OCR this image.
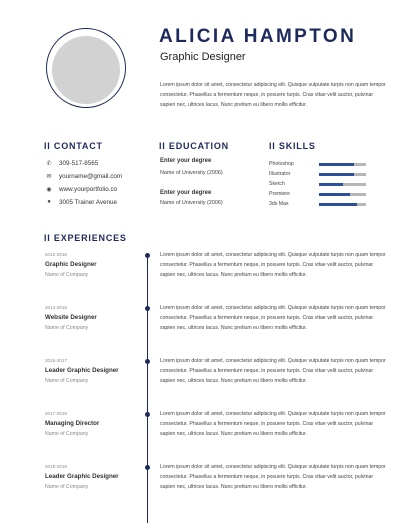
ALICIA HAMPTON
Graphic Designer
Lorem ipsum dolor sit amet, consectetur adipiscing elit. Quisque vulputate turpis non quam tempor consectetur. Phasellus a fermentum neque, in posuere turpis. Cras vitae velit auctor, pulvinar sapien nec, ultrices lacus. Nunc pretium eu libero mollis efficitur.
II CONTACT
✆ 309-517-8565
✉ yourname@gmail.com
◉ www.yourportfolio.co
●	3005 Trainer Avenue
II EDUCATION
Enter your degree
Name of University (2006)
Enter your degree
Name of University (2006)
II SKILLS
Photoshop
Illustrator
Sketch
Premiere
3ds Max
II EXPERIENCES
2012-2016
Graphic Designer
Name of Company
Lorem ipsum dolor sit amet, consectetur adipiscing elit. Quisque vulputate turpis non quam tempor consectetur. Phasellus a fermentum neque, in posuere turpis. Cras vitae velit auctor, pulvinar sapien nec, ultrices lacus. Nunc pretium eu libero mollis efficitur.
2014-2016
Website Designer
Name of Company
Lorem ipsum dolor sit amet, consectetur adipiscing elit. Quisque vulputate turpis non quam tempor consectetur. Phasellus a fermentum neque, in posuere turpis. Cras vitae velit auctor, pulvinar sapien nec, ultrices lacus. Nunc pretium eu libero mollis efficitur.
2016-2017
Leader Graphic Designer
Name of Company
Lorem ipsum dolor sit amet, consectetur adipiscing elit. Quisque vulputate turpis non quam tempor consectetur. Phasellus a fermentum neque, in posuere turpis. Cras vitae velit auctor, pulvinar sapien nec, ultrices lacus. Nunc pretium eu libero mollis efficitur.
2017-2018
Managing Director
Name of Company
Lorem ipsum dolor sit amet, consectetur adipiscing elit. Quisque vulputate turpis non quam tempor consectetur. Phasellus a fermentum neque, in posuere turpis. Cras vitae velit auctor, pulvinar sapien nec, ultrices lacus. Nunc pretium eu libero mollis efficitur.
2018-2019
Leader Graphic Designer
Name of Company
Lorem ipsum dolor sit amet, consectetur adipiscing elit. Quisque vulputate turpis non quam tempor consectetur. Phasellus a fermentum neque, in posuere turpis. Cras vitae velit auctor, pulvinar sapien nec, ultrices lacus. Nunc pretium eu libero mollis efficitur.
